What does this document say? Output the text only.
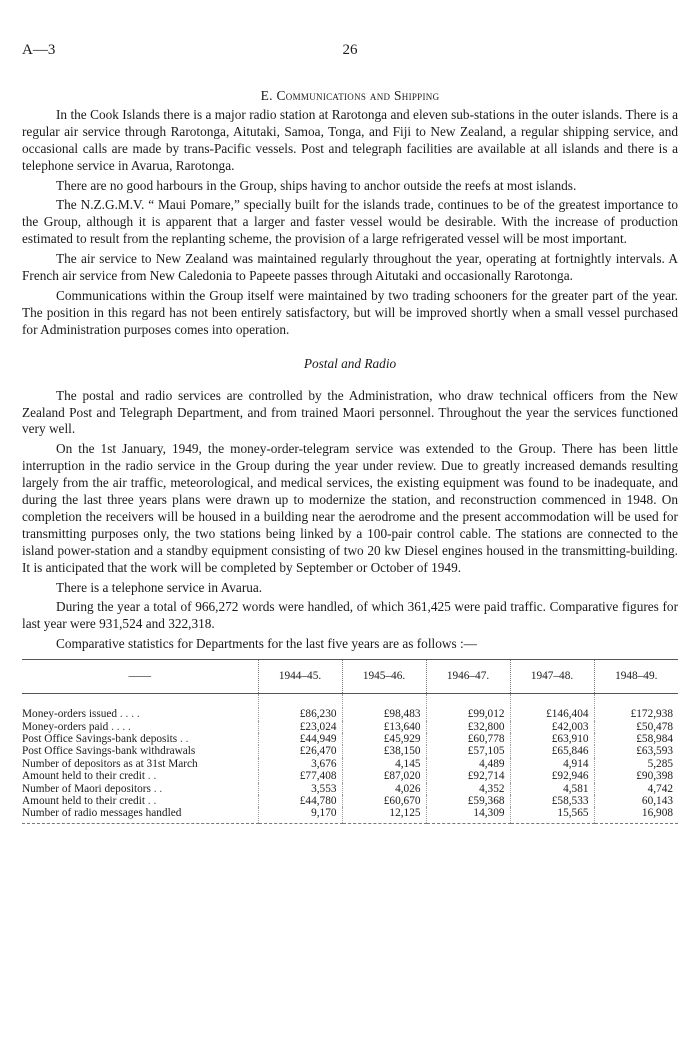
A—3	26
E. Communications and Shipping

In the Cook Islands there is a major radio station at Rarotonga and eleven sub-stations in the outer islands. There is a regular air service through Rarotonga, Aitutaki, Samoa, Tonga, and Fiji to New Zealand, a regular shipping service, and occasional calls are made by trans-Pacific vessels. Post and telegraph facilities are available at all islands and there is a telephone service in Avarua, Rarotonga.

There are no good harbours in the Group, ships having to anchor outside the reefs at most islands.

The N.Z.G.M.V. “ Maui Pomare,” specially built for the islands trade, continues to be of the greatest importance to the Group, although it is apparent that a larger and faster vessel would be desirable. With the increase of production estimated to result from the replanting scheme, the provision of a large refrigerated vessel will be most important.

The air service to New Zealand was maintained regularly throughout the year, operating at fortnightly intervals. A French air service from New Caledonia to Papeete passes through Aitutaki and occasionally Rarotonga.

Communications within the Group itself were maintained by two trading schooners for the greater part of the year. The position in this regard has not been entirely satisfactory, but will be improved shortly when a small vessel purchased for Administration purposes comes into operation.

Postal and Radio

The postal and radio services are controlled by the Administration, who draw technical officers from the New Zealand Post and Telegraph Department, and from trained Maori personnel. Throughout the year the services functioned very well.

On the 1st January, 1949, the money-order-telegram service was extended to the Group. There has been little interruption in the radio service in the Group during the year under review. Due to greatly increased demands resulting largely from the air traffic, meteorological, and medical services, the existing equipment was found to be inadequate, and during the last three years plans were drawn up to modernize the station, and reconstruction commenced in 1948. On completion the receivers will be housed in a building near the aerodrome and the present accommodation will be used for transmitting purposes only, the two stations being linked by a 100-pair control cable. The stations are connected to the island power-station and a standby equipment consisting of two 20 kw Diesel engines housed in the transmitting-building. It is anticipated that the work will be completed by September or October of 1949.

There is a telephone service in Avarua.

During the year a total of 966,272 words were handled, of which 361,425 were paid traffic. Comparative figures for last year were 931,524 and 322,318.

Comparative statistics for Departments for the last five years are as follows :—

——	1944–45.	1945–46.	1946–47.	1947–48.	1948–49.

Money-orders issued . . . .	£86,230	£98,483	£99,012	£146,404	£172,938
Money-orders paid . . . .	£23,024	£13,640	£32,800	£42,003	£50,478
Post Office Savings-bank deposits . .	£44,949	£45,929	£60,778	£63,910	£58,984
Post Office Savings-bank withdrawals	£26,470	£38,150	£57,105	£65,846	£63,593
Number of depositors as at 31st March	3,676	4,145	4,489	4,914	5,285
Amount held to their credit . .	£77,408	£87,020	£92,714	£92,946	£90,398
Number of Maori depositors . .	3,553	4,026	4,352	4,581	4,742
Amount held to their credit . .	£44,780	£60,670	£59,368	£58,533	60,143
Number of radio messages handled	9,170	12,125	14,309	15,565	16,908
